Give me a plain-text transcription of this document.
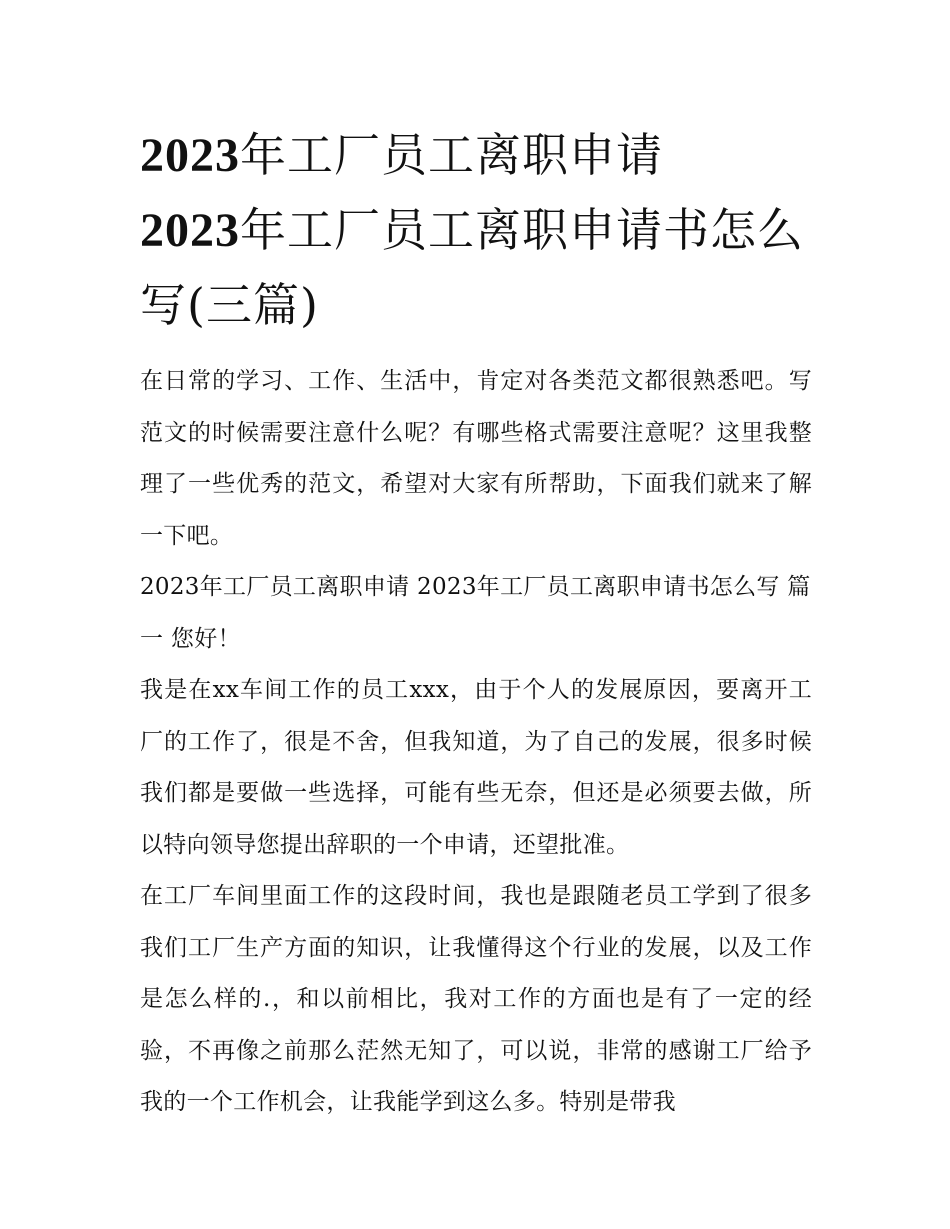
2023年工厂员工离职申请
2023年工厂员工离职申请书怎么写(三篇)

在日常的学习、工作、生活中，肯定对各类范文都很熟悉吧。写范文的时候需要注意什么呢？有哪些格式需要注意呢？这里我整理了一些优秀的范文，希望对大家有所帮助，下面我们就来了解一下吧。

2023年工厂员工离职申请 2023年工厂员工离职申请书怎么写 篇一 您好！

我是在xx车间工作的员工xxx，由于个人的发展原因，要离开工厂的工作了，很是不舍，但我知道，为了自己的发展，很多时候我们都是要做一些选择，可能有些无奈，但还是必须要去做，所以特向领导您提出辞职的一个申请，还望批准。

在工厂车间里面工作的这段时间，我也是跟随老员工学到了很多我们工厂生产方面的知识，让我懂得这个行业的发展，以及工作是怎么样的.，和以前相比，我对工作的方面也是有了一定的经验，不再像之前那么茫然无知了，可以说，非常的感谢工厂给予我的一个工作机会，让我能学到这么多。特别是带我
